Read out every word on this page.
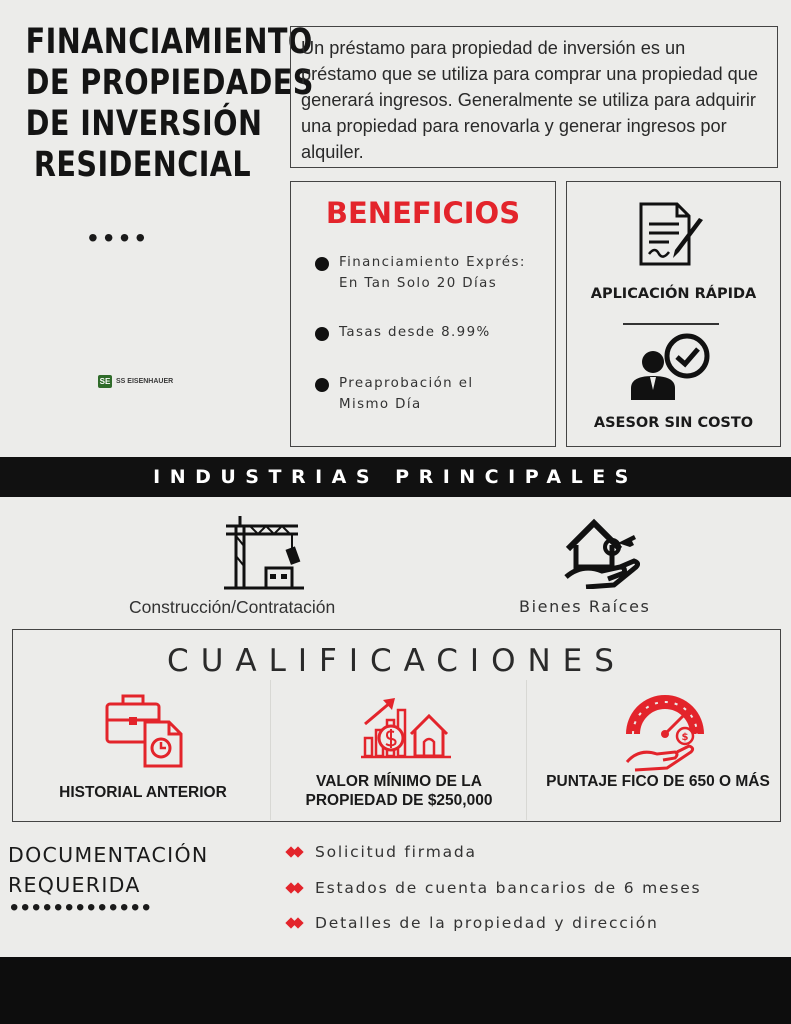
FINANCIAMIENTO
DE PROPIEDADES
DE INVERSIÓN
RESIDENCIAL
••••
SE SS EISENHAUER
Un préstamo para propiedad de inversión es un préstamo que se utiliza para comprar una propiedad que generará ingresos. Generalmente se utiliza para adquirir una propiedad para renovarla y generar ingresos por alquiler.
BENEFICIOS
Financiamiento Exprés: En Tan Solo 20 Días
Tasas desde 8.99%
Preaprobación el Mismo Día
APLICACIÓN RÁPIDA
ASESOR SIN COSTO
INDUSTRIAS PRINCIPALES
Construcción/Contratación	Bienes Raíces
CUALIFICACIONES
HISTORIAL ANTERIOR
VALOR MÍNIMO DE LA PROPIEDAD DE $250,000
$
PUNTAJE FICO DE 650 O MÁS
DOCUMENTACIÓN
REQUERIDA
•••••••••••••
Solicitud firmada
Estados de cuenta bancarios de 6 meses
Detalles de la propiedad y dirección
